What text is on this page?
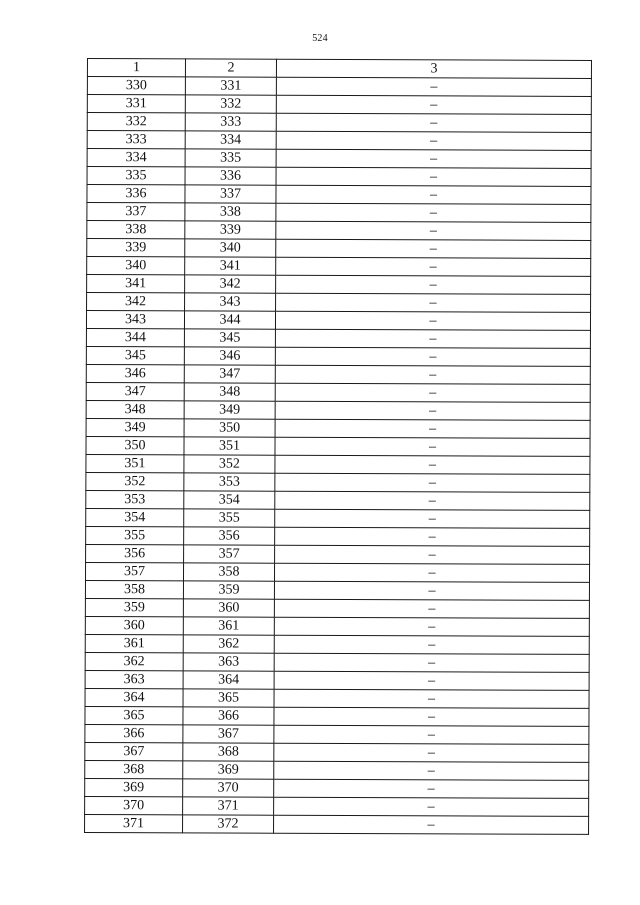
524
1	2	3
330	331	–
331	332	–
332	333	–
333	334	–
334	335	–
335	336	–
336	337	–
337	338	–
338	339	–
339	340	–
340	341	–
341	342	–
342	343	–
343	344	–
344	345	–
345	346	–
346	347	–
347	348	–
348	349	–
349	350	–
350	351	–
351	352	–
352	353	–
353	354	–
354	355	–
355	356	–
356	357	–
357	358	–
358	359	–
359	360	–
360	361	–
361	362	–
362	363	–
363	364	–
364	365	–
365	366	–
366	367	–
367	368	–
368	369	–
369	370	–
370	371	–
371	372	–
